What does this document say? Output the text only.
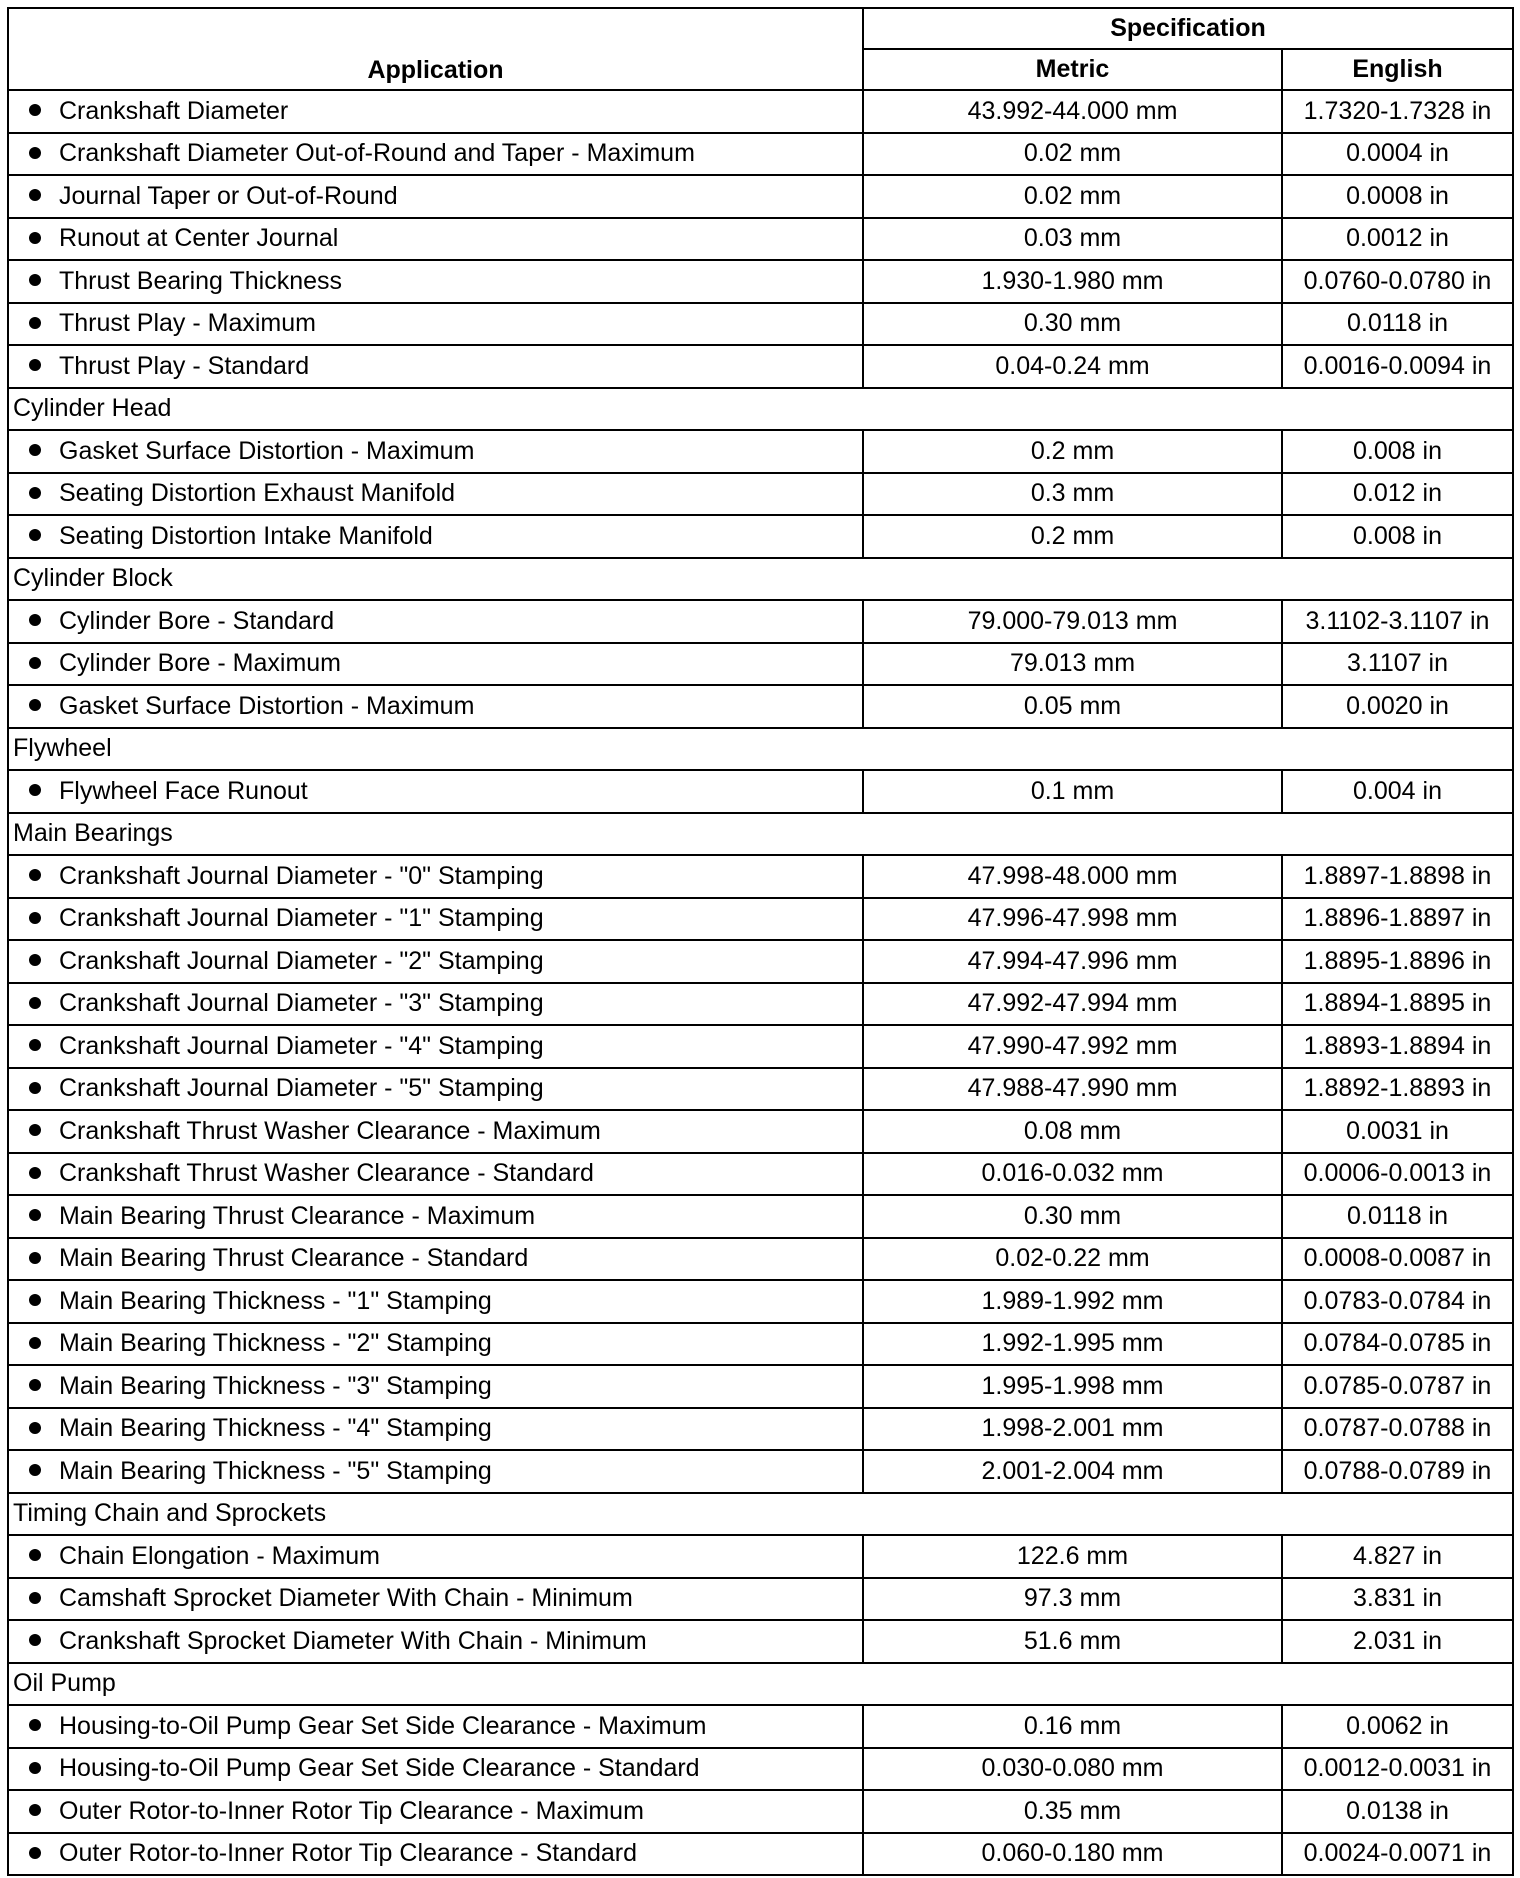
Application	Specification	
	Metric	English
Crankshaft Diameter	43.992-44.000 mm	1.7320-1.7328 in
Crankshaft Diameter Out-of-Round and Taper - Maximum	0.02 mm	0.0004 in
Journal Taper or Out-of-Round	0.02 mm	0.0008 in
Runout at Center Journal	0.03 mm	0.0012 in
Thrust Bearing Thickness	1.930-1.980 mm	0.0760-0.0780 in
Thrust Play - Maximum	0.30 mm	0.0118 in
Thrust Play - Standard	0.04-0.24 mm	0.0016-0.0094 in
Cylinder Head		
Gasket Surface Distortion - Maximum	0.2 mm	0.008 in
Seating Distortion Exhaust Manifold	0.3 mm	0.012 in
Seating Distortion Intake Manifold	0.2 mm	0.008 in
Cylinder Block		
Cylinder Bore - Standard	79.000-79.013 mm	3.1102-3.1107 in
Cylinder Bore - Maximum	79.013 mm	3.1107 in
Gasket Surface Distortion - Maximum	0.05 mm	0.0020 in
Flywheel		
Flywheel Face Runout	0.1 mm	0.004 in
Main Bearings		
Crankshaft Journal Diameter - "0" Stamping	47.998-48.000 mm	1.8897-1.8898 in
Crankshaft Journal Diameter - "1" Stamping	47.996-47.998 mm	1.8896-1.8897 in
Crankshaft Journal Diameter - "2" Stamping	47.994-47.996 mm	1.8895-1.8896 in
Crankshaft Journal Diameter - "3" Stamping	47.992-47.994 mm	1.8894-1.8895 in
Crankshaft Journal Diameter - "4" Stamping	47.990-47.992 mm	1.8893-1.8894 in
Crankshaft Journal Diameter - "5" Stamping	47.988-47.990 mm	1.8892-1.8893 in
Crankshaft Thrust Washer Clearance - Maximum	0.08 mm	0.0031 in
Crankshaft Thrust Washer Clearance - Standard	0.016-0.032 mm	0.0006-0.0013 in
Main Bearing Thrust Clearance - Maximum	0.30 mm	0.0118 in
Main Bearing Thrust Clearance - Standard	0.02-0.22 mm	0.0008-0.0087 in
Main Bearing Thickness - "1" Stamping	1.989-1.992 mm	0.0783-0.0784 in
Main Bearing Thickness - "2" Stamping	1.992-1.995 mm	0.0784-0.0785 in
Main Bearing Thickness - "3" Stamping	1.995-1.998 mm	0.0785-0.0787 in
Main Bearing Thickness - "4" Stamping	1.998-2.001 mm	0.0787-0.0788 in
Main Bearing Thickness - "5" Stamping	2.001-2.004 mm	0.0788-0.0789 in
Timing Chain and Sprockets		
Chain Elongation - Maximum	122.6 mm	4.827 in
Camshaft Sprocket Diameter With Chain - Minimum	97.3 mm	3.831 in
Crankshaft Sprocket Diameter With Chain - Minimum	51.6 mm	2.031 in
Oil Pump		
Housing-to-Oil Pump Gear Set Side Clearance - Maximum	0.16 mm	0.0062 in
Housing-to-Oil Pump Gear Set Side Clearance - Standard	0.030-0.080 mm	0.0012-0.0031 in
Outer Rotor-to-Inner Rotor Tip Clearance - Maximum	0.35 mm	0.0138 in
Outer Rotor-to-Inner Rotor Tip Clearance - Standard	0.060-0.180 mm	0.0024-0.0071 in
